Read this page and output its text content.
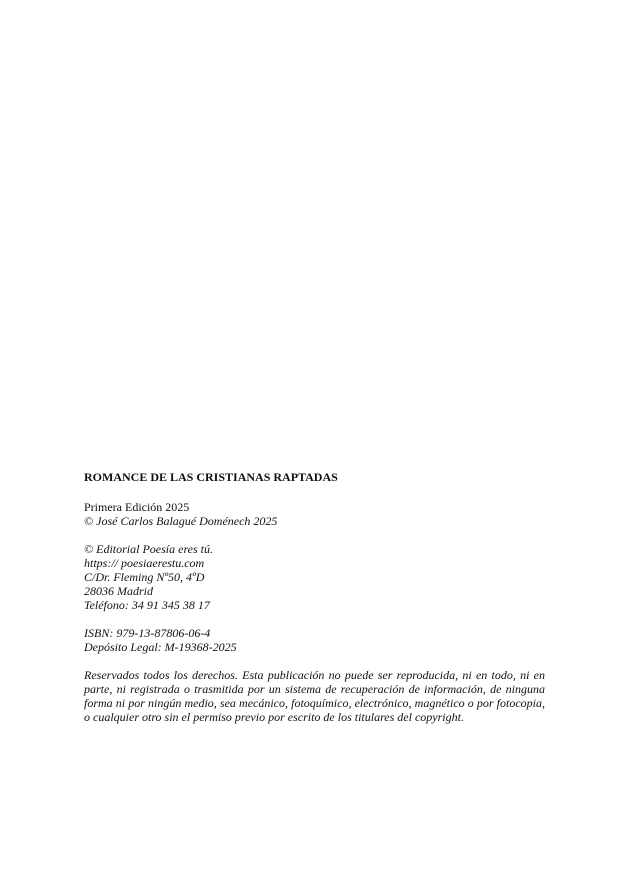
ROMANCE DE LAS CRISTIANAS RAPTADAS
Primera Edición 2025
© José Carlos Balagué Doménech 2025
© Editorial Poesía eres tú.
https:// poesiaerestu.com
C/Dr. Fleming Nº50, 4ºD
28036 Madrid
Teléfono: 34 91 345 38 17
ISBN: 979-13-87806-06-4
Depósito Legal: M-19368-2025

Reservados todos los derechos. Esta publicación no puede ser reproducida, ni en todo, ni en parte, ni registrada o trasmitida por un sistema de recuperación de información, de ninguna forma ni por ningún medio, sea mecánico, fotoquímico, electrónico, magnético o por fotocopia, o cualquier otro sin el permiso previo por escrito de los titulares del copyright.
